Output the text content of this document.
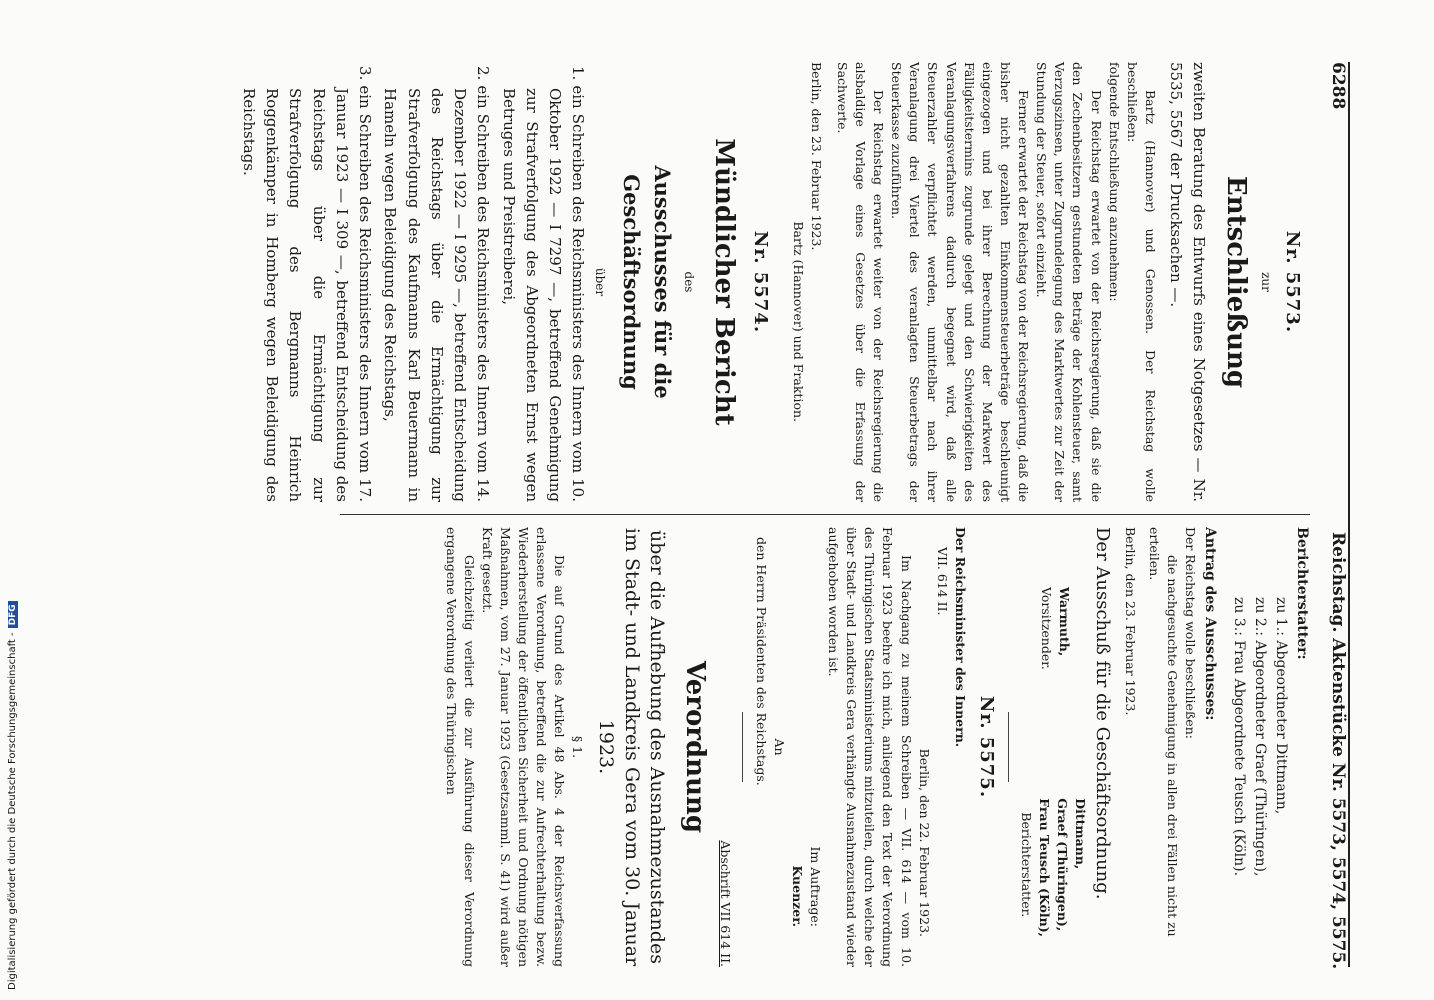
6288
Reichstag. Aktenstücke Nr. 5573, 5574, 5575.
Nr. 5573.
zur
Entschließung
zweiten Beratung des Entwurfs eines Notgesetzes — Nr. 5535, 5567 der Drucksachen —.
Bartz (Hannover) und Genossen. Der Reichstag wolle beschließen:
folgende Entschließung anzunehmen:
Der Reichstag erwartet von der Reichsregierung, daß sie die den Zechenbesitzern gestundeten Beträge der Kohlensteuer, samt Verzugszinsen, unter Zugrundelegung des Marktwertes zur Zeit der Stundung der Steuer, sofort einzieht.
Ferner erwartet der Reichstag von der Reichsregierung, daß die bisher nicht gezahlten Einkommensteuerbeträge beschleunigt eingezogen und bei ihrer Berechnung der Markwert des Fälligkeitstermins zugrunde gelegt und den Schwierigkeiten des Veranlagungsverfahrens dadurch begegnet wird, daß alle Steuerzahler verpflichtet werden, unmittelbar nach ihrer Veranlagung drei Viertel des veranlagten Steuerbetrags der Steuerkasse zuzuführen.
Der Reichstag erwartet weiter von der Reichsregierung die alsbaldige Vorlage eines Gesetzes über die Erfassung der Sachwerte.
Berlin, den 23. Februar 1923.
Bartz (Hannover) und Fraktion.
Nr. 5574.
Mündlicher Bericht
des
Ausschusses für die Geschäftsordnung
über
1. ein Schreiben des Reichsministers des Innern vom 10. Oktober 1922 — I 7297 —, betreffend Genehmigung zur Strafverfolgung des Abgeordneten Ernst wegen Betruges und Preistreiberei,
2. ein Schreiben des Reichsministers des Innern vom 14. Dezember 1922 — I 9295 —, betreffend Entscheidung des Reichstags über die Ermächtigung zur Strafverfolgung des Kaufmanns Karl Beuermann in Hameln wegen Beleidigung des Reichstags,
3. ein Schreiben des Reichsministers des Innern vom 17. Januar 1923 — I 309 —, betreffend Entscheidung des Reichstags über die Ermächtigung zur Strafverfolgung des Bergmanns Heinrich Roggenkämper in Homberg wegen Beleidigung des Reichstags.
Berichterstatter:
zu 1.: Abgeordneter Dittmann,
zu 2.: Abgeordneter Graef (Thüringen),
zu 3.: Frau Abgeordnete Teusch (Köln).
Antrag des Ausschusses:
Der Reichstag wolle beschließen:
die nachgesuchte Genehmigung in allen drei Fällen nicht zu erteilen.
Berlin, den 23. Februar 1923.
Der Ausschuß für die Geschäftsordnung.
Warmuth,
Vorsitzender.
Dittmann,
Graef (Thüringen),
Frau Teusch (Köln),
Berichterstatter.
Nr. 5575.
Der Reichsminister des Innern.
VII. 614 II.
Berlin, den 22. Februar 1923.
Im Nachgang zu meinem Schreiben — VII. 614 — vom 10. Februar 1923 beehre ich mich, anliegend den Text der Verordnung des Thüringischen Staatsministeriums mitzuteilen, durch welche der über Stadt- und Landkreis Gera verhängte Ausnahmezustand wieder aufgehoben worden ist.
Im Auftrage:
Kuenzer.
An
den Herrn Präsidenten des Reichstags.
Abschrift VII 614 II.
Verordnung
über die Aufhebung des Ausnahmezustandes im Stadt- und Landkreis Gera vom 30. Januar 1923.
§ 1.
Die auf Grund des Artikel 48 Abs. 4 der Reichsverfassung erlassene Verordnung, betreffend die zur Aufrechterhaltung bezw. Wiederherstellung der öffentlichen Sicherheit und Ordnung nötigen Maßnahmen, vom 27. Januar 1923 (Gesetzsamml. S. 41) wird außer Kraft gesetzt.
Gleichzeitig verliert die zur Ausführung dieser Verordnung ergangene Verordnung des Thüringischen
Digitalisierung gefördert durch die Deutsche Forschungsgemeinschaft -DFG
